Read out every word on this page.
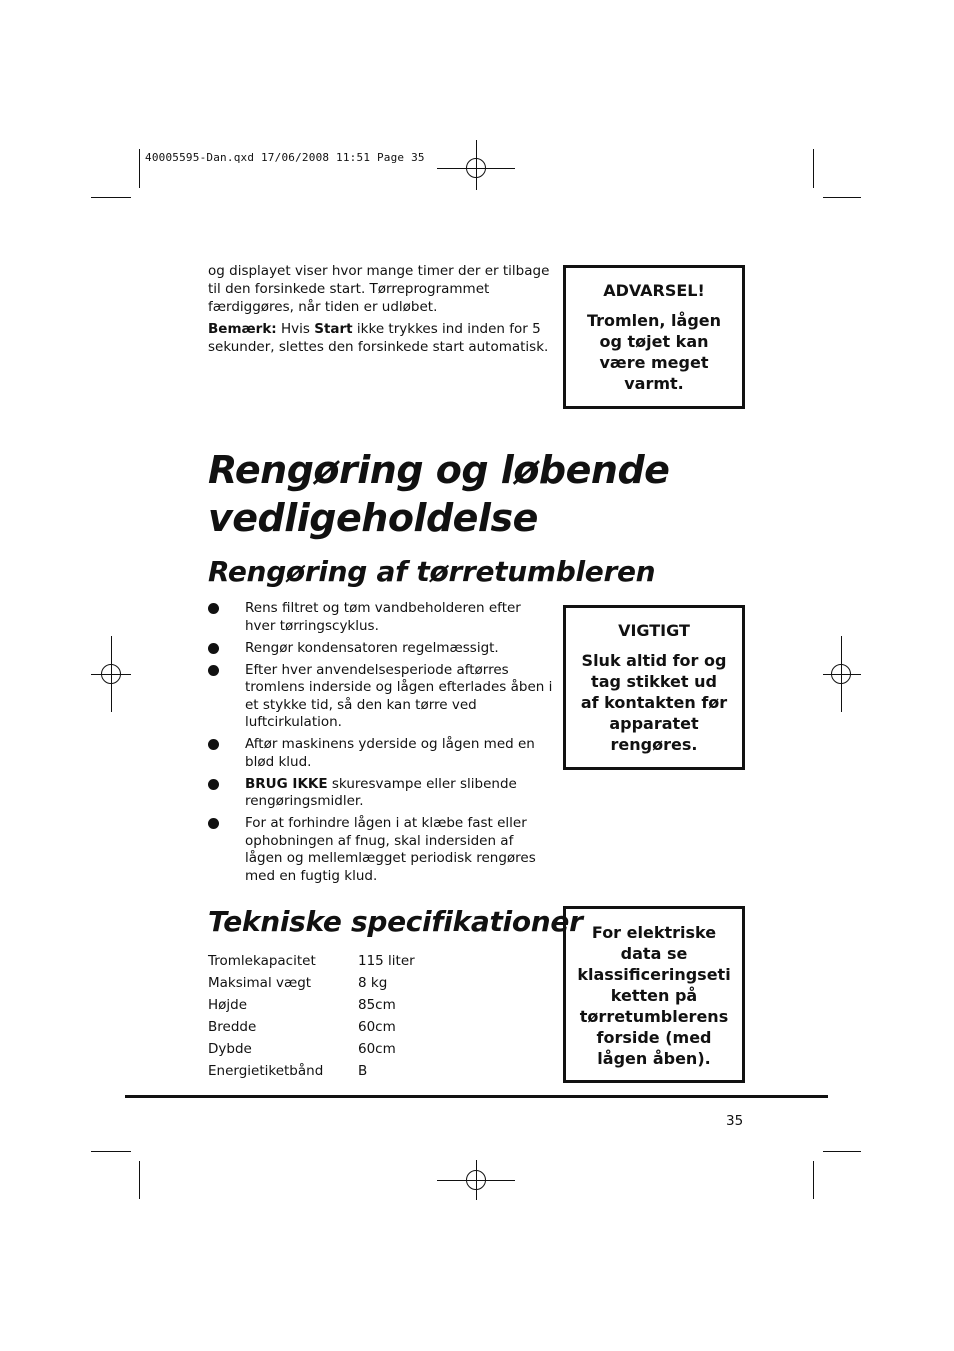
40005595-Dan.qxd 17/06/2008 11:51 Page 35

og displayet viser hvor mange timer der er tilbage til den forsinkede start. Tørreprogrammet færdiggøres, når tiden er udløbet.

Bemærk: Hvis Start ikke trykkes ind inden for 5 sekunder, slettes den forsinkede start automatisk.

ADVARSEL!
Tromlen, lågen og tøjet kan være meget varmt.
Rengøring og løbende vedligeholdelse
Rengøring af tørretumbleren
Rens filtret og tøm vandbeholderen efter hver tørringscyklus.
Rengør kondensatoren regelmæssigt.
Efter hver anvendelsesperiode aftørres tromlens inderside og lågen efterlades åben i et stykke tid, så den kan tørre ved luftcirkulation.
Aftør maskinens yderside og lågen med en blød klud.
BRUG IKKE skuresvampe eller slibende rengøringsmidler.
For at forhindre lågen i at klæbe fast eller ophobningen af fnug, skal indersiden af lågen og mellemlægget periodisk rengøres med en fugtig klud.
VIGTIGT
Sluk altid for og tag stikket ud af kontakten før apparatet rengøres.
Tekniske specifikationer
Tromlekapacitet	115 liter
Maksimal vægt	8 kg
Højde	85cm
Bredde	60cm
Dybde	60cm
Energietiketbånd	B
For elektriske data se klassificeringsetiketten på tørretumblerens forside (med lågen åben).
35
